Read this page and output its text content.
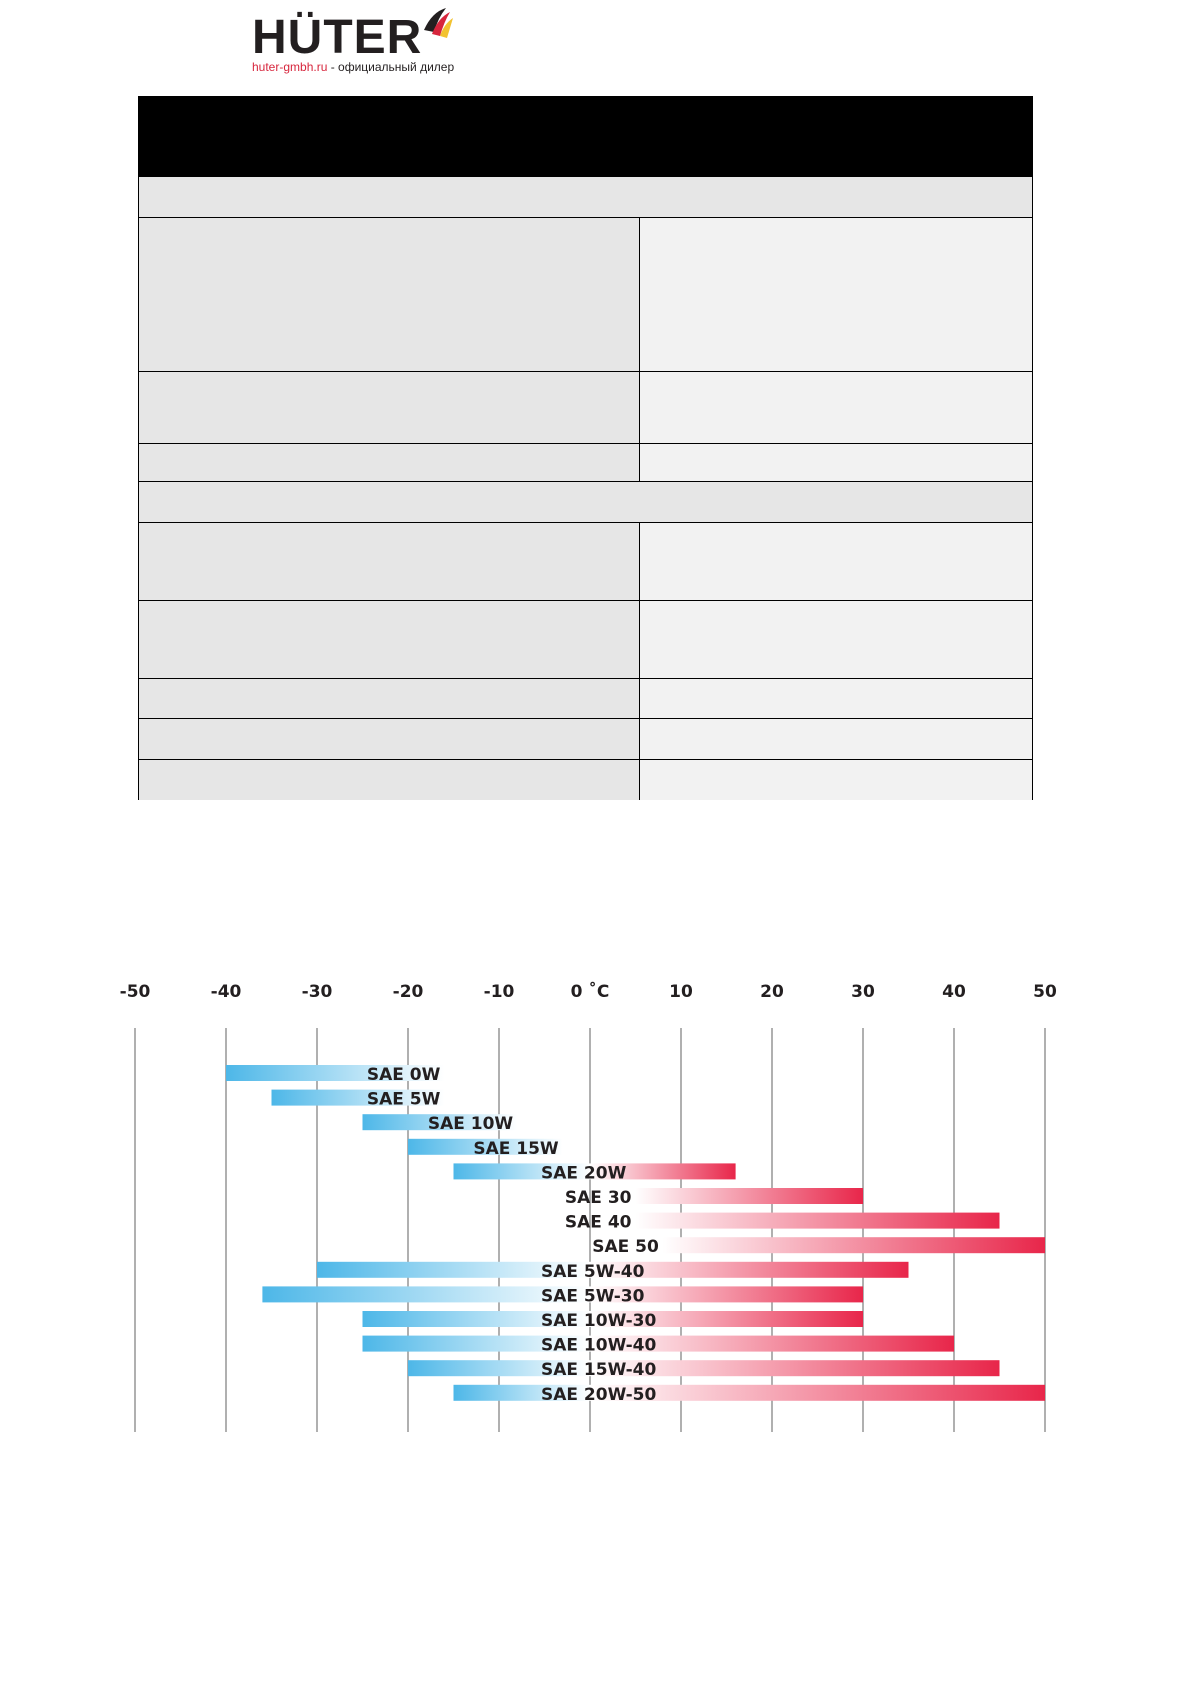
HÜTER
huter-gmbh.ru - официальный дилер
-50	-40	-30	-20	-10	0 ˚C	10	20	30	40	50
SAE 0W
SAE 5W
SAE 10W
SAE 15W
SAE 20W
SAE 30
SAE 40
SAE 50
SAE 5W-40
SAE 5W-30
SAE 10W-30
SAE 10W-40
SAE 15W-40
SAE 20W-50
